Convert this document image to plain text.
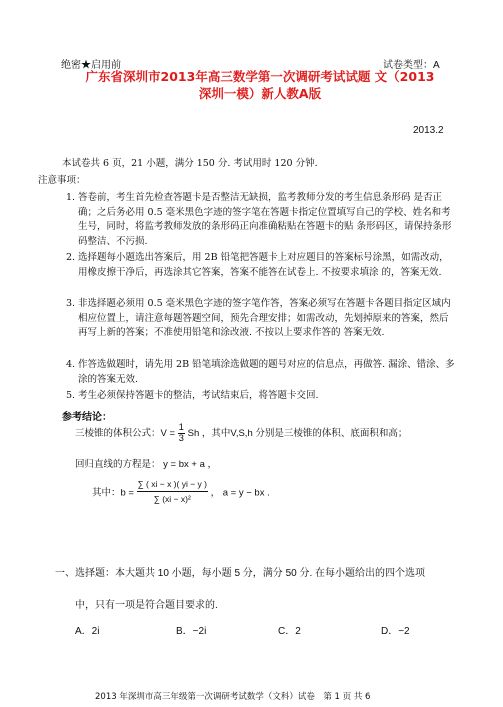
绝密★启用前	试卷类型：A
广东省深圳市2013年高三数学第一次调研考试试题 文（2013
深圳一模）新人教A版
2013.2
本试卷共 6 页，21 小题，满分 150 分. 考试用时 120 分钟.
注意事项：
1. 答卷前，考生首先检查答题卡是否整洁无缺损，监考教师分发的考生信息条形码 是否正确；之后务必用 0.5 毫米黑色字迹的签字笔在答题卡指定位置填写自己的学校、姓名和考生号，同时，将监考教师发放的条形码正向准确粘贴在答题卡的贴 条形码区，请保持条形码整洁、不污损.
2. 选择题每小题选出答案后，用 2B 铅笔把答题卡上对应题目的答案标号涂黑，如需改动，用橡皮擦干净后，再选涂其它答案，答案不能答在试卷上. 不按要求填涂 的，答案无效.
3. 非选择题必须用 0.5 毫米黑色字迹的签字笔作答，答案必须写在答题卡各题目指定区域内相应位置上，请注意每题答题空间，预先合理安排；如需改动，先划掉原来的答案，然后再写上新的答案；不准使用铅笔和涂改液. 不按以上要求作答的 答案无效.
4. 作答选做题时，请先用 2B 铅笔填涂选做题的题号对应的信息点，再做答. 漏涂、错涂、多涂的答案无效.
5. 考生必须保持答题卡的整洁，考试结束后，将答题卡交回.
参考结论：
三棱锥的体积公式：$V = \frac{1}{3}$ Sh ，其中V,S,h 分别是三棱锥的体积、底面积和高；
回归直线的方程是： y = bx + a ，
其中：$b = \frac{\sum ( xi - x )( yi - y )}{\text{∑ (xi − x)²}}$ ， a = y − bx .
一、选择题：本大题共 10 小题，每小题 5 分，满分 50 分. 在每小题给出的四个选项
中，只有一项是符合题目要求的.
A．2i	B．−2i	C．2	D．−2
2013 年深圳市高三年级第一次调研考试数学（文科）试卷　第 1 页 共 6
